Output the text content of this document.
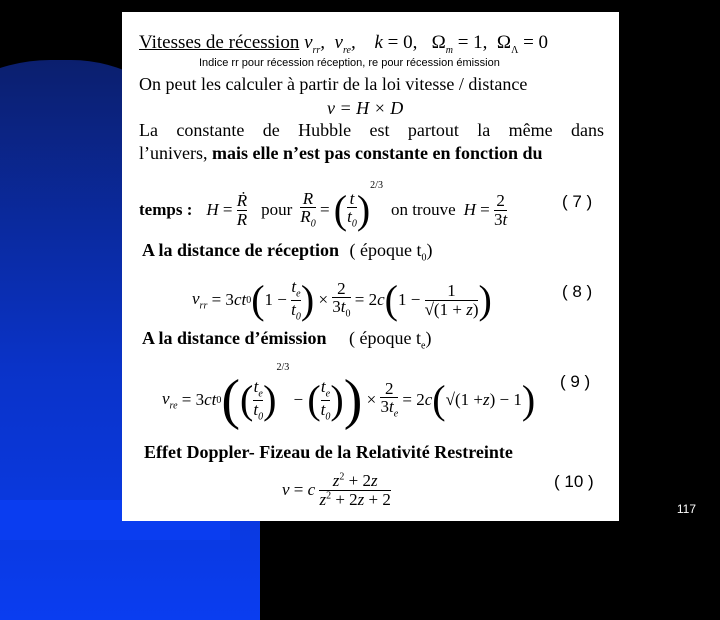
Vitesses de récession $v_{rr}$,  $v_{re}$, k = 0,   $\Omega_m = 1$,  $\Omega_\Lambda = 0$
Indice rr pour récession réception, re pour récession émission
On peut les calculer à partir de la loi vitesse / distance
v = H × D
La constante de Hubble est partout la même dans
l’univers, mais elle n’est pas constante en fonction du
temps : $H = \frac{\text{Ṙ}}{R}$ pour $\frac{R}{R_0}$ = ( $\frac{t}{t_0}$ )
$^{2/3}$
on trouve $H = \frac{2}{3t}$	( 7 )
A la distance de réception ( époque $t_0$)
$v_{rr} = 3$ ct 0 ( $1 - \frac{t_e}{t_0}$ ) × $\frac{2}{3t_0} = 2$ c ( $1 - \frac{1}{√(1 + z)}$ )	( 8 )
A la distance d’émission ( époque $t_e$)
$v_{re} = 3$ ct 0 ( ( $\frac{t_e}{t_0}$ )
2/3
− ( $\frac{t_e}{t_0}$ ) ) × $\frac{2}{3t_e} = 2$ c ( √(1 + z ) − 1 ) ( 9 )
Effet Doppler- Fizeau de la Relativité Restreinte
v = c
$\frac{z^2 + 2z}{z^2 + 2z + 2}$	( 10 )
117
